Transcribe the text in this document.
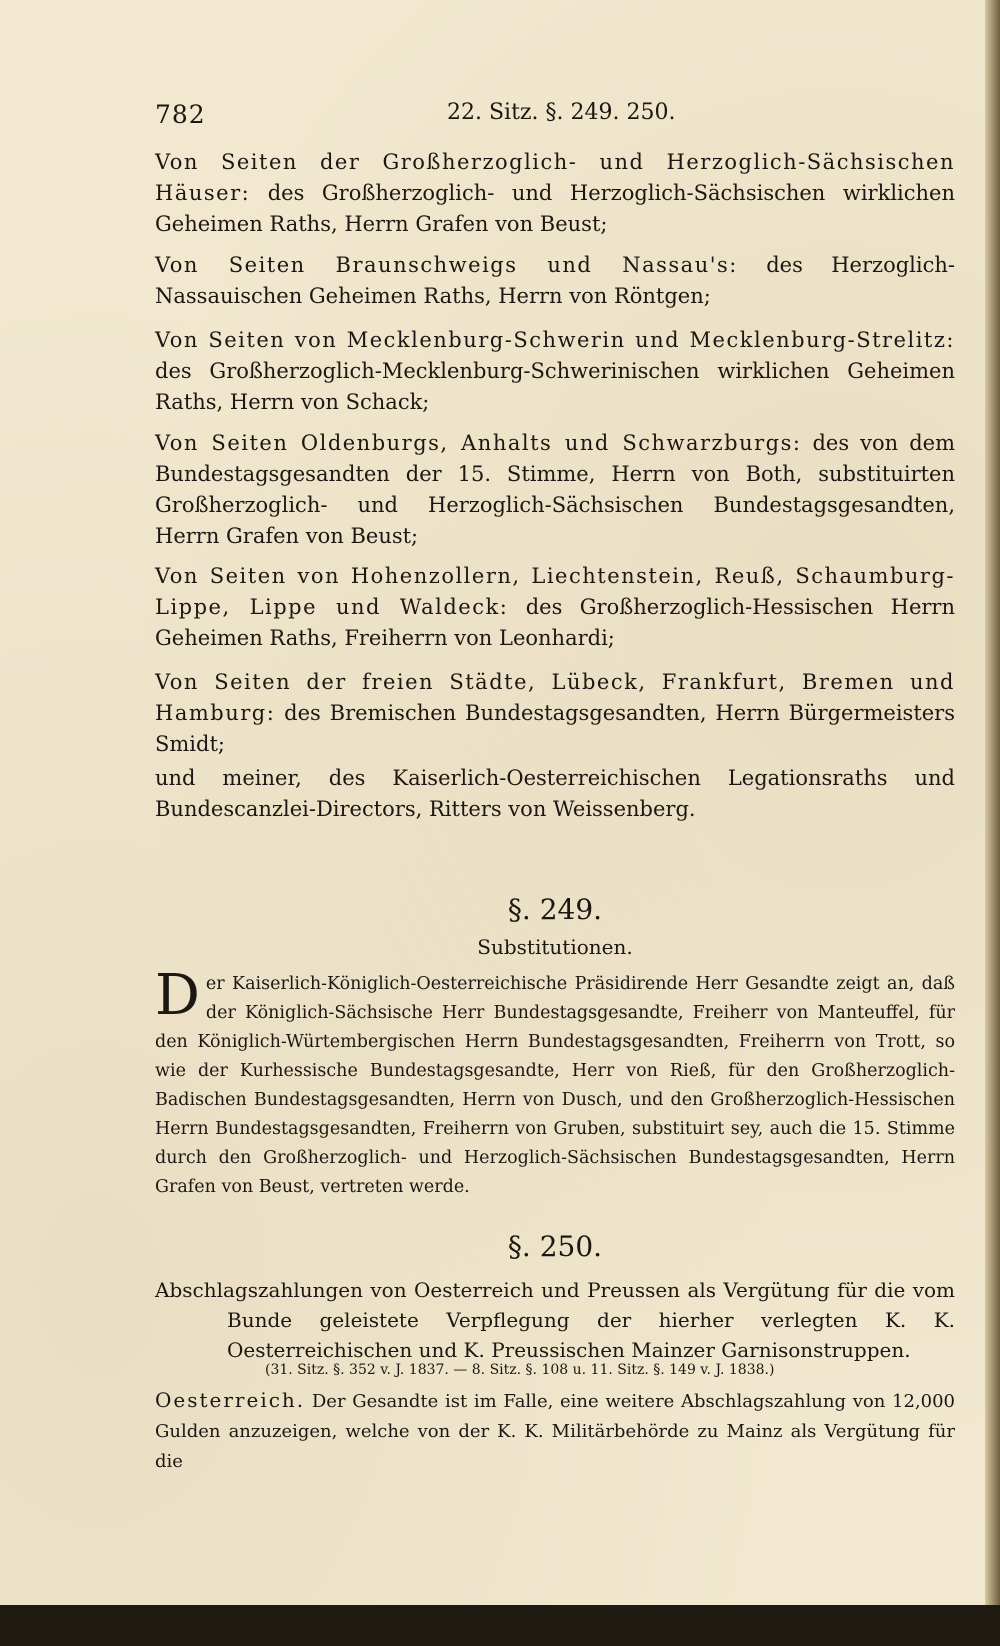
782	22. Sitz. §. 249. 250.
Von Seiten der Großherzoglich- und Herzoglich-Sächsischen Häuser: des Großherzoglich- und Herzoglich-Sächsischen wirklichen Geheimen Raths, Herrn Grafen von Beust;
Von Seiten Braunschweigs und Nassau's: des Herzoglich-Nassauischen Geheimen Raths, Herrn von Röntgen;
Von Seiten von Mecklenburg-Schwerin und Mecklenburg-Strelitz: des Großherzoglich-Mecklenburg-Schwerinischen wirklichen Geheimen Raths, Herrn von Schack;
Von Seiten Oldenburgs, Anhalts und Schwarzburgs: des von dem Bundestagsgesandten der 15. Stimme, Herrn von Both, substituirten Großherzoglich- und Herzoglich-Sächsischen Bundestagsgesandten, Herrn Grafen von Beust;
Von Seiten von Hohenzollern, Liechtenstein, Reuß, Schaumburg-Lippe, Lippe und Waldeck: des Großherzoglich-Hessischen Herrn Geheimen Raths, Freiherrn von Leonhardi;
Von Seiten der freien Städte, Lübeck, Frankfurt, Bremen und Hamburg: des Bremischen Bundestagsgesandten, Herrn Bürgermeisters Smidt;
und meiner, des Kaiserlich-Oesterreichischen Legationsraths und Bundescanzlei-Directors, Ritters von Weissenberg.
§. 249.
Substitutionen.
D er Kaiserlich-Königlich-Oesterreichische Präsidirende Herr Gesandte zeigt an, daß der Königlich-Sächsische Herr Bundestagsgesandte, Freiherr von Manteuffel, für den Königlich-Würtembergischen Herrn Bundestagsgesandten, Freiherrn von Trott, so wie der Kurhessische Bundestagsgesandte, Herr von Rieß, für den Großherzoglich-Badischen Bundestagsgesandten, Herrn von Dusch, und den Großherzoglich-Hessischen Herrn Bundestagsgesandten, Freiherrn von Gruben, substituirt sey, auch die 15. Stimme durch den Großherzoglich- und Herzoglich-Sächsischen Bundestagsgesandten, Herrn Grafen von Beust, vertreten werde.
§. 250.
Abschlagszahlungen von Oesterreich und Preussen als Vergütung für die vom Bunde geleistete Verpflegung der hierher verlegten K. K. Oesterreichischen und K. Preussischen Mainzer Garnisonstruppen.
(31. Sitz. §. 352 v. J. 1837. — 8. Sitz. §. 108 u. 11. Sitz. §. 149 v. J. 1838.)
Oesterreich. Der Gesandte ist im Falle, eine weitere Abschlagszahlung von 12,000 Gulden anzuzeigen, welche von der K. K. Militärbehörde zu Mainz als Vergütung für die
